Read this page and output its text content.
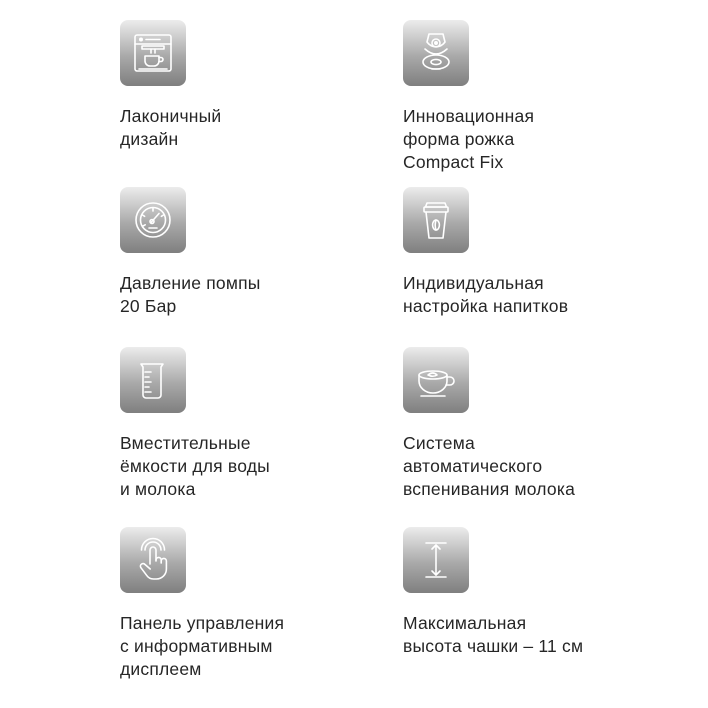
Лаконичный
дизайн
Инновационная
форма рожка
Compact Fix
Давление помпы
20 Бар
Индивидуальная
настройка напитков
Вместительные
ёмкости для воды
и молока
Система
автоматического
вспенивания молока
Панель управления
с информативным
дисплеем
Максимальная
высота чашки – 11 см
